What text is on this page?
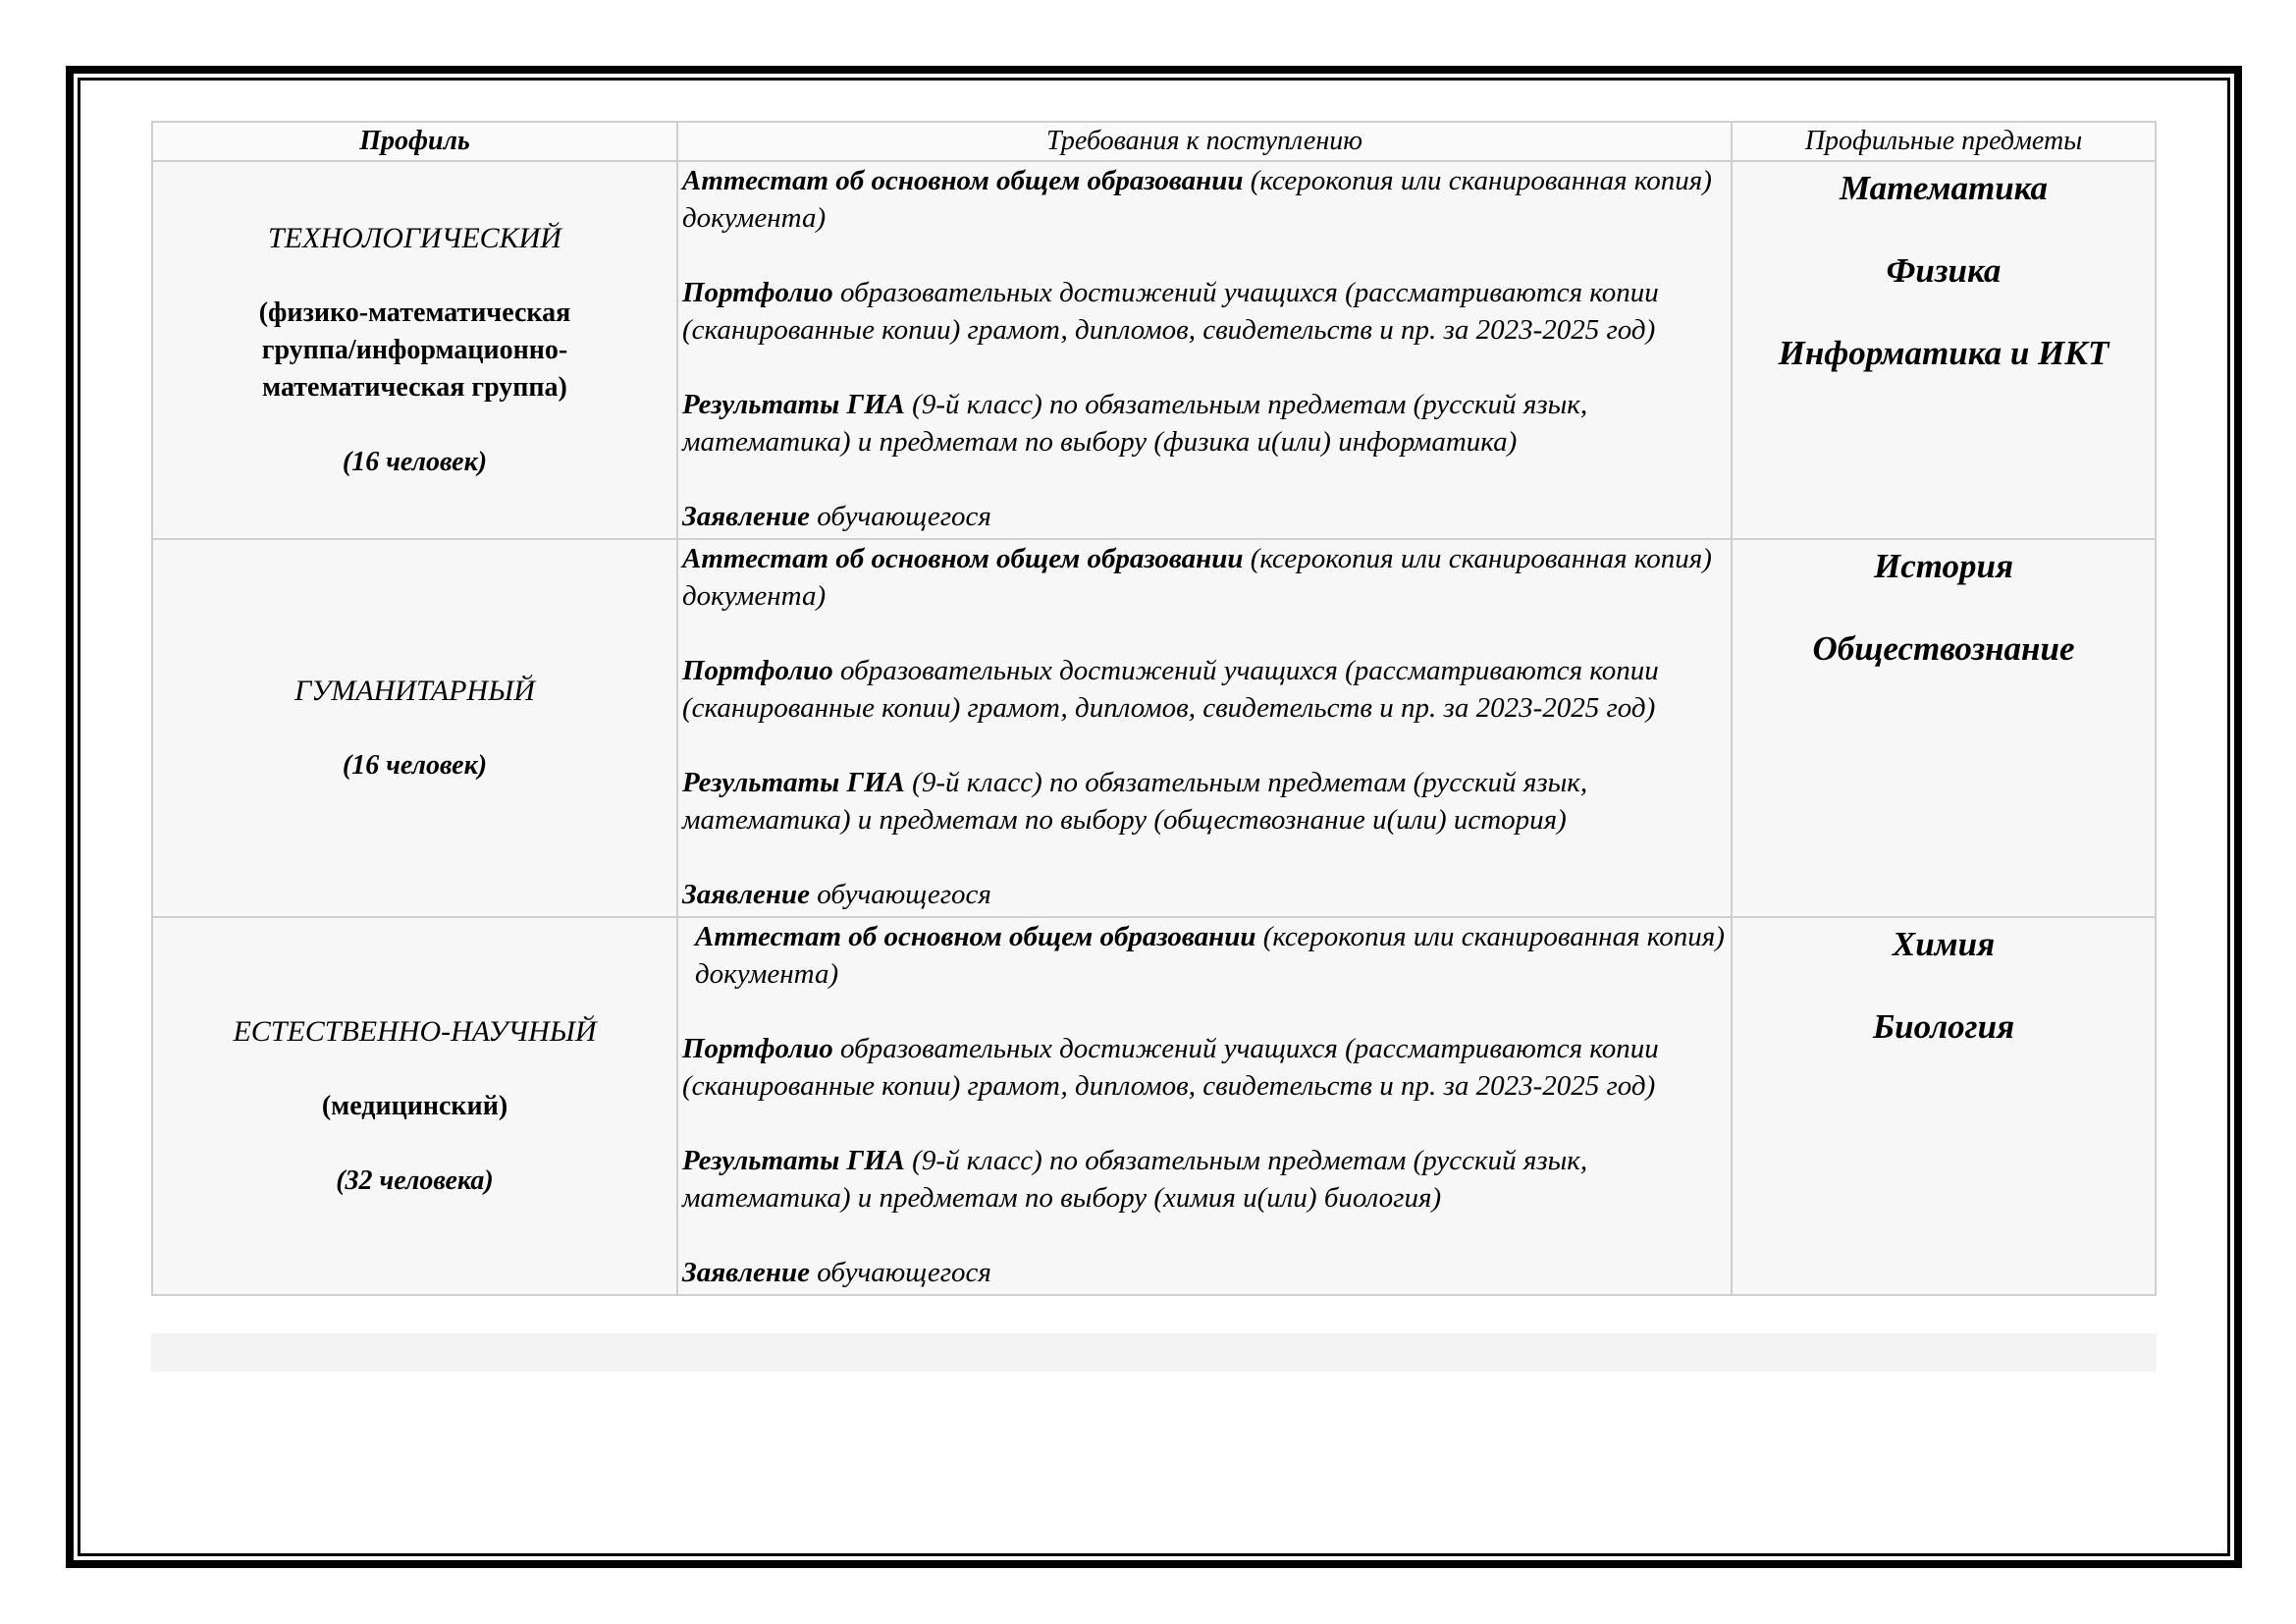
Профиль	Требования к поступлению	Профильные предметы
ТЕХНОЛОГИЧЕСКИЙ
(физико-математическая
группа/информационно-
математическая группа)
(16 человек)
Аттестат об основном общем образовании (ксерокопия или сканированная копия)
документа)
Портфолио образовательных достижений учащихся (рассматриваются копии
(сканированные копии) грамот, дипломов, свидетельств и пр. за 2023-2025 год)
Результаты ГИА (9-й класс) по обязательным предметам (русский язык,
математика) и предметам по выбору (физика и(или) информатика)
Заявление обучающегося
Математика
Физика
Информатика и ИКТ
ГУМАНИТАРНЫЙ
(16 человек)
Аттестат об основном общем образовании (ксерокопия или сканированная копия)
документа)
Портфолио образовательных достижений учащихся (рассматриваются копии
(сканированные копии) грамот, дипломов, свидетельств и пр. за 2023-2025 год)
Результаты ГИА (9-й класс) по обязательным предметам (русский язык,
математика) и предметам по выбору (обществознание и(или) история)
Заявление обучающегося
История
Обществознание
ЕСТЕСТВЕННО-НАУЧНЫЙ
(медицинский)
(32 человека)
Аттестат об основном общем образовании (ксерокопия или сканированная копия)
документа)
Портфолио образовательных достижений учащихся (рассматриваются копии
(сканированные копии) грамот, дипломов, свидетельств и пр. за 2023-2025 год)
Результаты ГИА (9-й класс) по обязательным предметам (русский язык,
математика) и предметам по выбору (химия и(или) биология)
Заявление обучающегося
Химия
Биология
